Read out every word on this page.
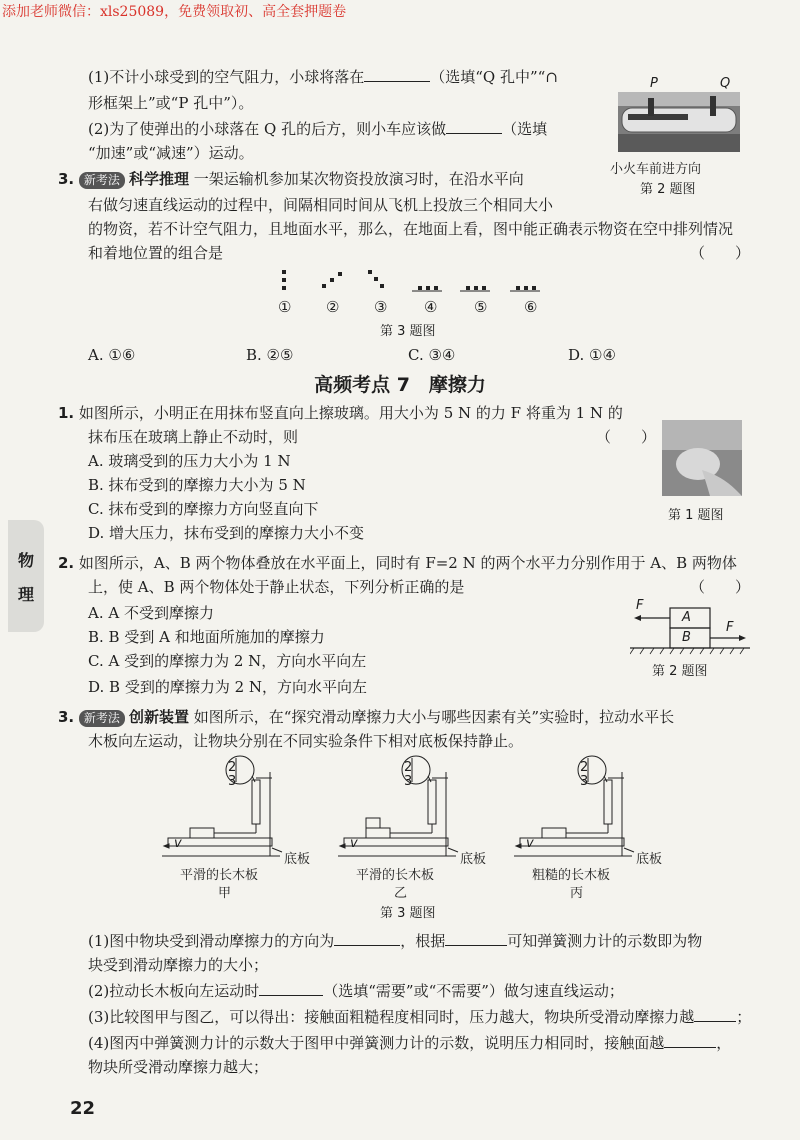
添加老师微信：xls25089，免费领取初、高全套押题卷
(1)不计小球受到的空气阻力，小球将落在	（选填“Q 孔中”“∩
形框架上”或“P 孔中”）。
(2)为了使弹出的小球落在 Q 孔的后方，则小车应该做	（选填
“加速”或“减速”）运动。
P	Q
小火车前进方向
第 2 题图
3. 新考法 科学推理 一架运输机参加某次物资投放演习时，在沿水平向
右做匀速直线运动的过程中，间隔相同时间从飞机上投放三个相同大小
的物资，若不计空气阻力，且地面水平，那么，在地面上看，图中能正确表示物资在空中排列情况
和着地位置的组合是	（　　）
① ② ③ ④ ⑤ ⑥
第 3 题图
A. ①⑥	B. ②⑤	C. ③④	D. ①④
高频考点 7　摩擦力
1. 如图所示，小明正在用抹布竖直向上擦玻璃。用大小为 5 N 的力 F 将重为 1 N 的
抹布压在玻璃上静止不动时，则	（　　）
A. 玻璃受到的压力大小为 1 N
B. 抹布受到的摩擦力大小为 5 N
C. 抹布受到的摩擦力方向竖直向下
D. 增大压力，抹布受到的摩擦力大小不变
第 1 题图
物
理
2. 如图所示，A、B 两个物体叠放在水平面上，同时有 F=2 N 的两个水平力分别作用于 A、B 两物体
上，使 A、B 两个物体处于静止状态，下列分析正确的是	（　　）
A. A 不受到摩擦力
B. B 受到 A 和地面所施加的摩擦力
C. A 受到的摩擦力为 2 N，方向水平向左
D. B 受到的摩擦力为 2 N，方向水平向左
A
B
F
F
第 2 题图
3. 新考法 创新装置 如图所示，在“探究滑动摩擦力大小与哪些因素有关”实验时，拉动水平长
木板向左运动，让物块分别在不同实验条件下相对底板保持静止。
2
3
2
3
2
3
v	v	v
底板	底板	底板
平滑的长木板	平滑的长木板	粗糙的长木板
甲	乙	丙
第 3 题图
(1)图中物块受到滑动摩擦力的方向为	，根据	可知弹簧测力计的示数即为物
块受到滑动摩擦力的大小；
(2)拉动长木板向左运动时	（选填“需要”或“不需要”）做匀速直线运动；
(3)比较图甲与图乙，可以得出：接触面粗糙程度相同时，压力越大，物块所受滑动摩擦力越	；
(4)图丙中弹簧测力计的示数大于图甲中弹簧测力计的示数，说明压力相同时，接触面越	，
物块所受滑动摩擦力越大；
22
